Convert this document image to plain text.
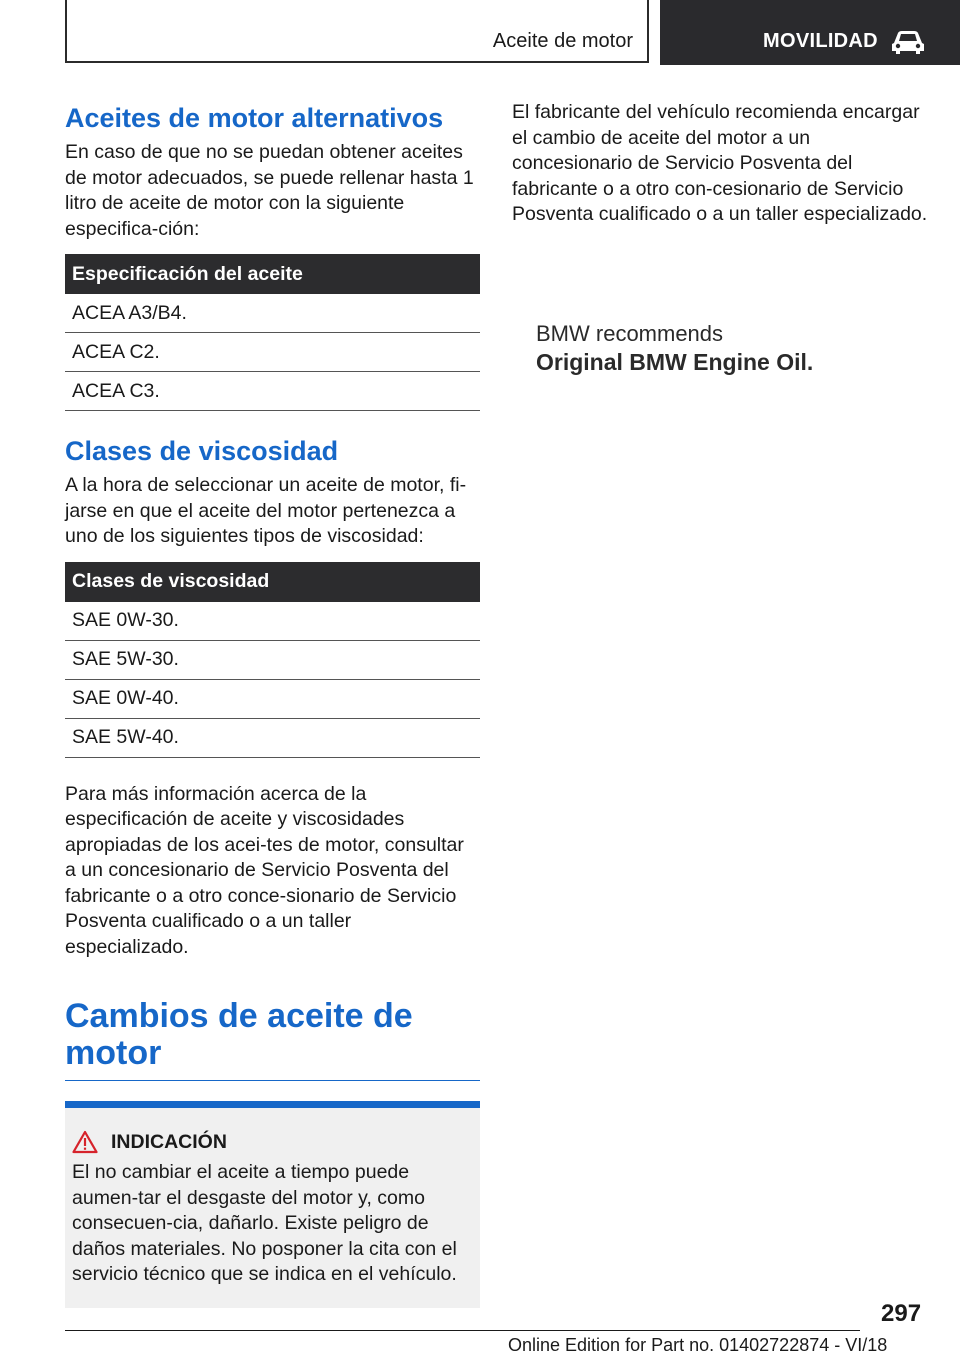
Aceite de motor	MOVILIDAD
Aceites de motor alternativos

En caso de que no se puedan obtener aceites de motor adecuados, se puede rellenar hasta 1 litro de aceite de motor con la siguiente especifica-ción:

Especificación del aceite
ACEA A3/B4.
ACEA C2.
ACEA C3.
Clases de viscosidad

A la hora de seleccionar un aceite de motor, fi-jarse en que el aceite del motor pertenezca a uno de los siguientes tipos de viscosidad:

Clases de viscosidad
SAE 0W-30.
SAE 5W-30.
SAE 0W-40.
SAE 5W-40.

Para más información acerca de la especificación de aceite y viscosidades apropiadas de los acei-tes de motor, consultar a un concesionario de Servicio Posventa del fabricante o a otro conce-sionario de Servicio Posventa cualificado o a un taller especializado.

Cambios de aceite de motor
INDICACIÓN

El no cambiar el aceite a tiempo puede aumen-tar el desgaste del motor y, como consecuen-cia, dañarlo. Existe peligro de daños materiales. No posponer la cita con el servicio técnico que se indica en el vehículo.

El fabricante del vehículo recomienda encargar el cambio de aceite del motor a un concesionario de Servicio Posventa del fabricante o a otro con-cesionario de Servicio Posventa cualificado o a un taller especializado.

BMW recommends
Original BMW Engine Oil.
297
Online Edition for Part no. 01402722874 - VI/18
